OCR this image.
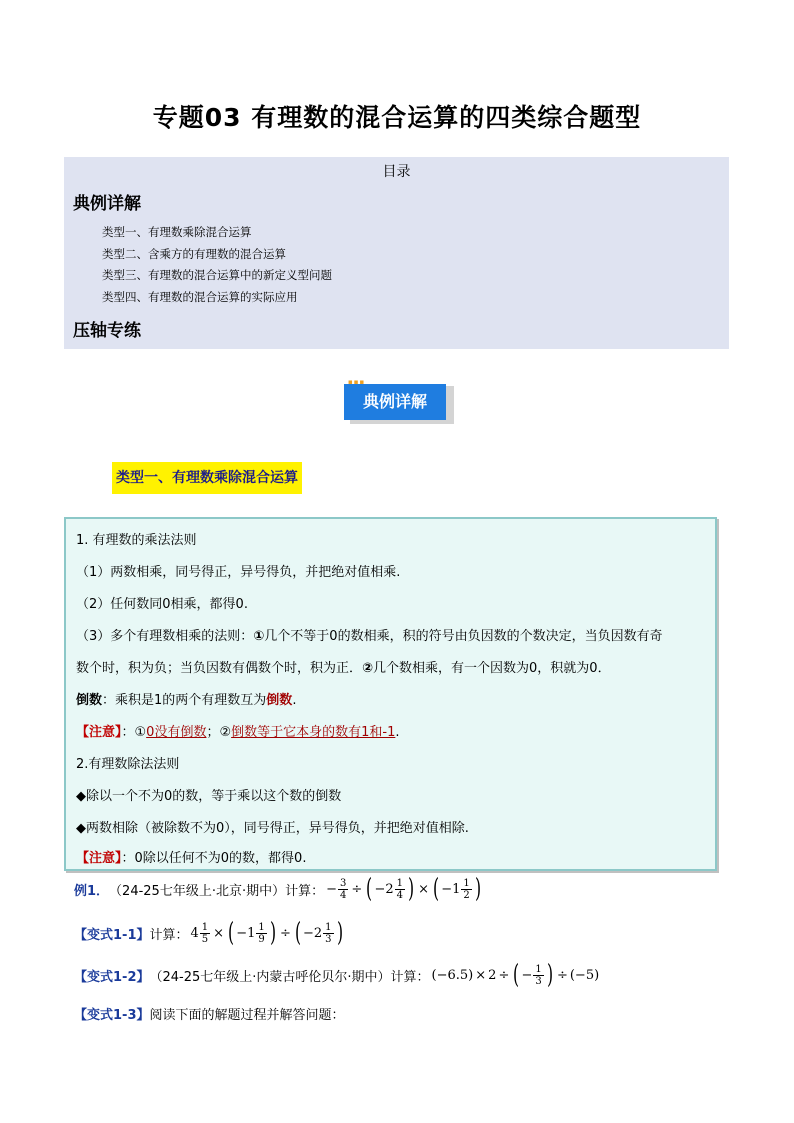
专题03 有理数的混合运算的四类综合题型
目录
典例详解
类型一、有理数乘除混合运算
类型二、含乘方的有理数的混合运算
类型三、有理数的混合运算中的新定义型问题
类型四、有理数的混合运算的实际应用
压轴专练
典例详解
▪▪▪
类型一、有理数乘除混合运算
1. 有理数的乘法法则
（1）两数相乘，同号得正，异号得负，并把绝对值相乘.
（2）任何数同0相乘，都得0.
（3）多个有理数相乘的法则：①几个不等于0的数相乘，积的符号由负因数的个数决定，当负因数有奇
数个时，积为负；当负因数有偶数个时，积为正．②几个数相乘，有一个因数为0，积就为0．
倒数：乘积是1的两个有理数互为倒数.
【注意】：①0没有倒数；②倒数等于它本身的数有1和-1.
2.有理数除法法则
◆除以一个不为0的数，等于乘以这个数的倒数
◆两数相除（被除数不为0），同号得正，异号得负，并把绝对值相除.
【注意】：0除以任何不为0的数，都得0.
例1． （24-25七年级上·北京·期中）计算： − $\frac{3}{4}$ ÷ ( $-2 \frac{1}{4}$ ) × ( $-1 \frac{1}{2}$ )
【变式1-1】 计算： $4 \frac{1}{5}$ × ( $-1 \frac{1}{9}$ ) ÷ ( $-2 \frac{1}{3}$ )
【变式1-2】 （24-25七年级上·内蒙古呼伦贝尔·期中）计算： (−6.5) × 2 ÷ ( − $\frac{1}{3}$ ) ÷ (−5)
【变式1-3】 阅读下面的解题过程并解答问题：
